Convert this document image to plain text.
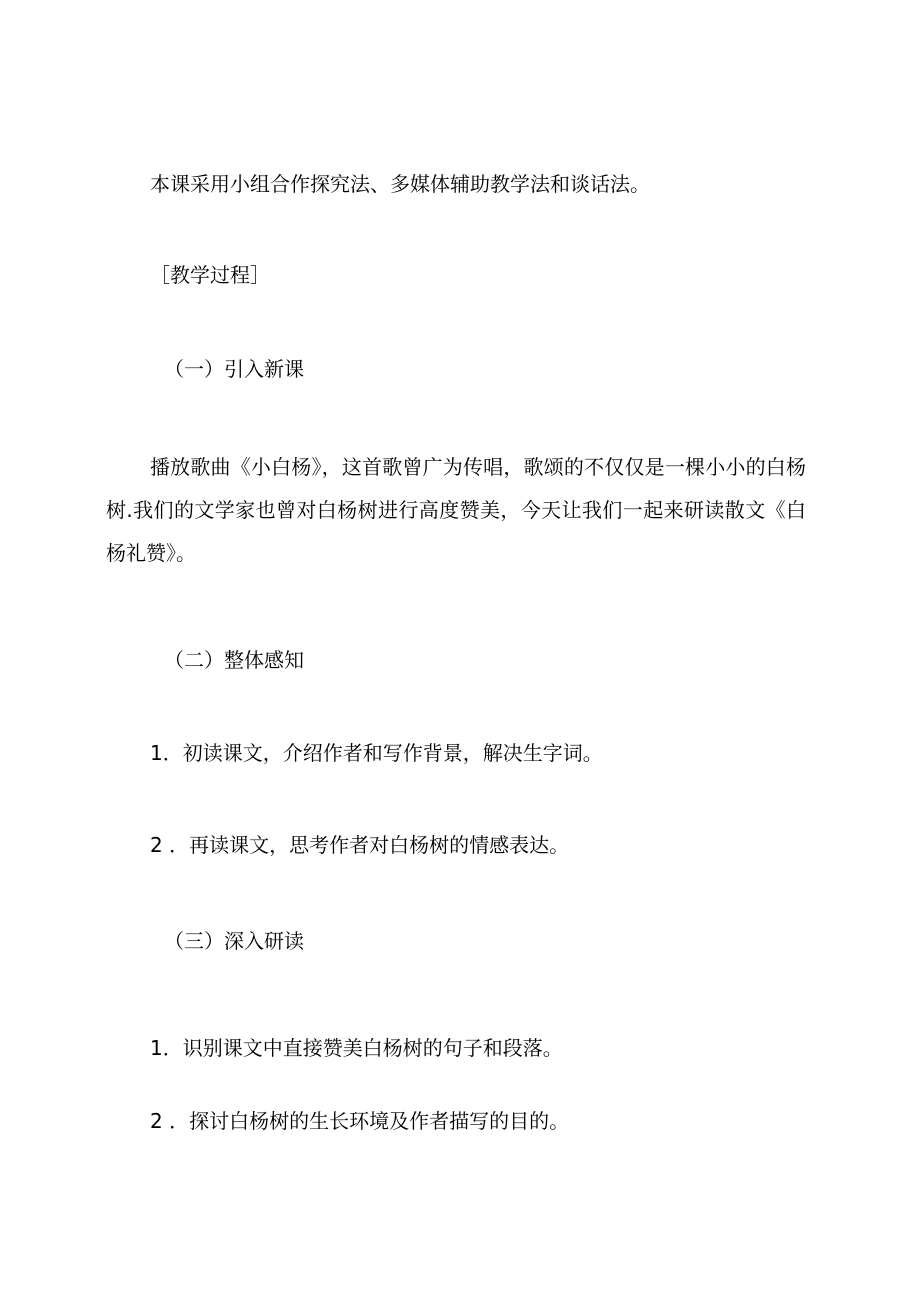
本课采用小组合作探究法、多媒体辅助教学法和谈话法。
［教学过程］
（一）引入新课
播放歌曲《小白杨》，这首歌曾广为传唱，歌颂的不仅仅是一棵小小的白杨树.我们的文学家也曾对白杨树进行高度赞美，今天让我们一起来研读散文《白杨礼赞》。
（二）整体感知
1．初读课文，介绍作者和写作背景，解决生字词。
2 ．再读课文，思考作者对白杨树的情感表达。
（三）深入研读
1．识别课文中直接赞美白杨树的句子和段落。
2 ．探讨白杨树的生长环境及作者描写的目的。
